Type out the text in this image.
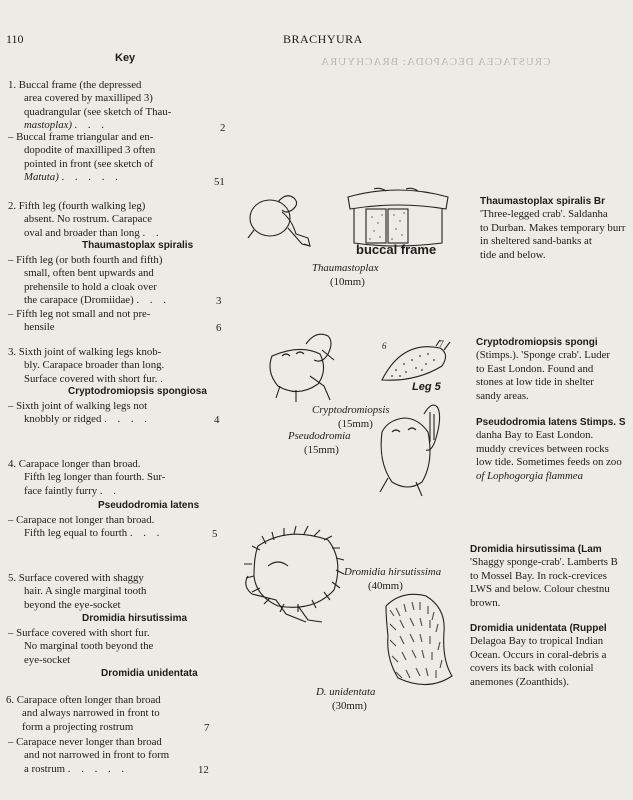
CRUSTACEA DECAPODA: BRACHYURA
110	BRACHYURA
Key
1. Buccal frame (the depressed
area covered by maxilliped 3)
quadrangular (see sketch of Thau-
mastoplax) . . .	2
– Buccal frame triangular and en-
dopodite of maxilliped 3 often
pointed in front (see sketch of
Matuta) . . . . .	51
2. Fifth leg (fourth walking leg)
absent. No rostrum. Carapace
oval and broader than long . .
Thaumastoplax spiralis
– Fifth leg (or both fourth and fifth)
small, often bent upwards and
prehensile to hold a cloak over
the carapace (Dromiidae) . . .	3
– Fifth leg not small and not pre-
hensile	6
3. Sixth joint of walking legs knob-
bly. Carapace broader than long.
Surface covered with short fur. .
Cryptodromiopsis spongiosa
– Sixth joint of walking legs not
knobbly or ridged . . . .	4
4. Carapace longer than broad.
Fifth leg longer than fourth. Sur-
face faintly furry . .
Pseudodromia latens
– Carapace not longer than broad.
Fifth leg equal to fourth . . .	5
5. Surface covered with shaggy
hair. A single marginal tooth
beyond the eye-socket
Dromidia hirsutissima
– Surface covered with short fur.
No marginal tooth beyond the
eye-socket
Dromidia unidentata
6. Carapace often longer than broad
and always narrowed in front to
form a projecting rostrum	7
– Carapace never longer than broad
and not narrowed in front to form
a rostrum . . . . .	12
buccal frame
Thaumastoplax
(10mm)
6	7
Leg 5
Cryptodromiopsis
(15mm)
Pseudodromia
(15mm)
Dromidia hirsutissima
(40mm)
D. unidentata
(30mm)
Thaumastoplax spiralis Br
'Three-legged crab'. Saldanha
to Durban. Makes temporary burr
in sheltered sand-banks at
tide and below.
Cryptodromiopsis spongi
(Stimps.). 'Sponge crab'. Luder
to East London. Found and
stones at low tide in shelter
sandy areas.
Pseudodromia latens Stimps. S
danha Bay to East London.
muddy crevices between rocks
low tide. Sometimes feeds on zoo
of Lophogorgia flammea
Dromidia hirsutissima (Lam
'Shaggy sponge-crab'. Lamberts B
to Mossel Bay. In rock-crevices
LWS and below. Colour chestnu
brown.
Dromidia unidentata (Ruppel
Delagoa Bay to tropical Indian
Ocean. Occurs in coral-debris a
covers its back with colonial
anemones (Zoanthids).
